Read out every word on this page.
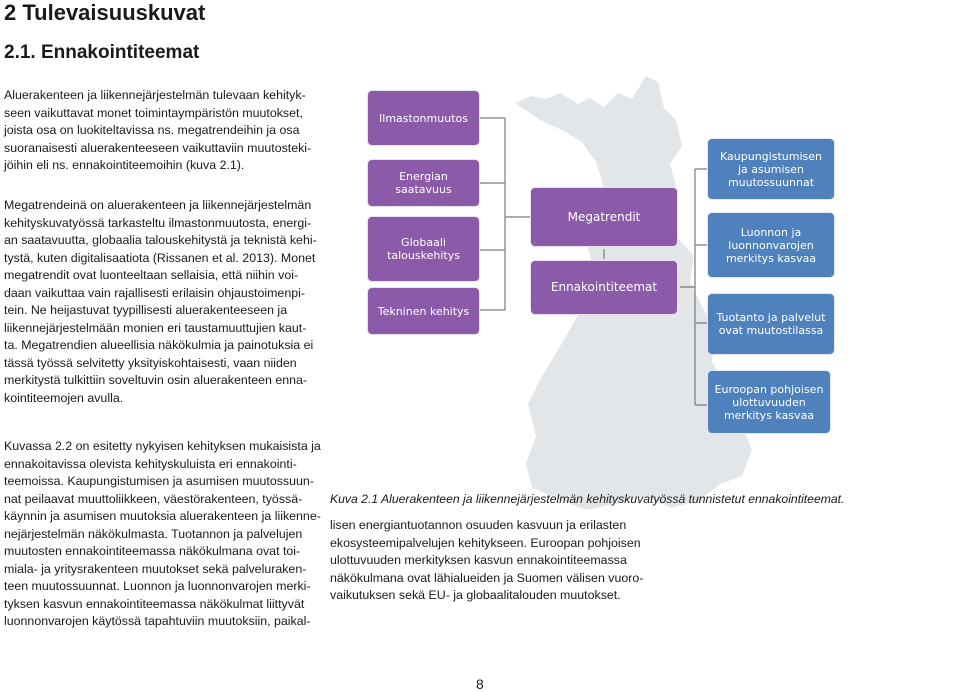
2 Tulevaisuuskuvat
2.1. Ennakointiteemat
Aluerakenteen ja liikennejärjestelmän tulevaan kehityk-
seen vaikuttavat monet toimintaympäristön muutokset,
joista osa on luokiteltavissa ns. megatrendeihin ja osa
suoranaisesti aluerakenteeseen vaikuttaviin muutosteki-
jöihin eli ns. ennakointiteemoihin (kuva 2.1).
Megatrendeinä on aluerakenteen ja liikennejärjestelmän
kehityskuvatyössä tarkasteltu ilmastonmuutosta, energi-
an saatavuutta, globaalia talouskehitystä ja teknistä kehi-
tystä, kuten digitalisaatiota (Rissanen et al. 2013). Monet
megatrendit ovat luonteeltaan sellaisia, että niihin voi-
daan vaikuttaa vain rajallisesti erilaisin ohjaustoimenpi-
tein. Ne heijastuvat tyypillisesti aluerakenteeseen ja
liikennejärjestelmään monien eri taustamuuttujien kaut-
ta. Megatrendien alueellisia näkökulmia ja painotuksia ei
tässä työssä selvitetty yksityiskohtaisesti, vaan niiden
merkitystä tulkittiin soveltuvin osin aluerakenteen enna-
kointiteemojen avulla.
Kuvassa 2.2 on esitetty nykyisen kehityksen mukaisista ja
ennakoitavissa olevista kehityskuluista eri ennakointi-
teemoissa. Kaupungistumisen ja asumisen muutossuun-
nat peilaavat muuttoliikkeen, väestörakenteen, työssä-
käynnin ja asumisen muutoksia aluerakenteen ja liikenne-
nejärjestelmän näkökulmasta. Tuotannon ja palvelujen
muutosten ennakointiteemassa näkökulmana ovat toi-
miala- ja yritysrakenteen muutokset sekä palveluraken-
teen muutossuunnat. Luonnon ja luonnonvarojen merki-
tyksen kasvun ennakointiteemassa näkökulmat liittyvät
luonnonvarojen käytössä tapahtuviin muutoksiin, paikal-
Ilmastonmuutos
Energian saatavuus
Globaali talouskehitys
Tekninen kehitys
Megatrendit
Ennakointiteemat
Kaupungistumisen ja asumisen muutossuunnat
Luonnon ja luonnonvarojen merkitys kasvaa
Tuotanto ja palvelut ovat muutostilassa
Euroopan pohjoisen ulottuvuuden merkitys kasvaa
Kuva 2.1 Aluerakenteen ja liikennejärjestelmän kehityskuvatyössä tunnistetut ennakointiteemat.
lisen energiantuotannon osuuden kasvuun ja erilasten
ekosysteemipalvelujen kehitykseen. Euroopan pohjoisen
ulottuvuuden merkityksen kasvun ennakointiteemassa
näkökulmana ovat lähialueiden ja Suomen välisen vuoro-
vaikutuksen sekä EU- ja globaalitalouden muutokset.
8
